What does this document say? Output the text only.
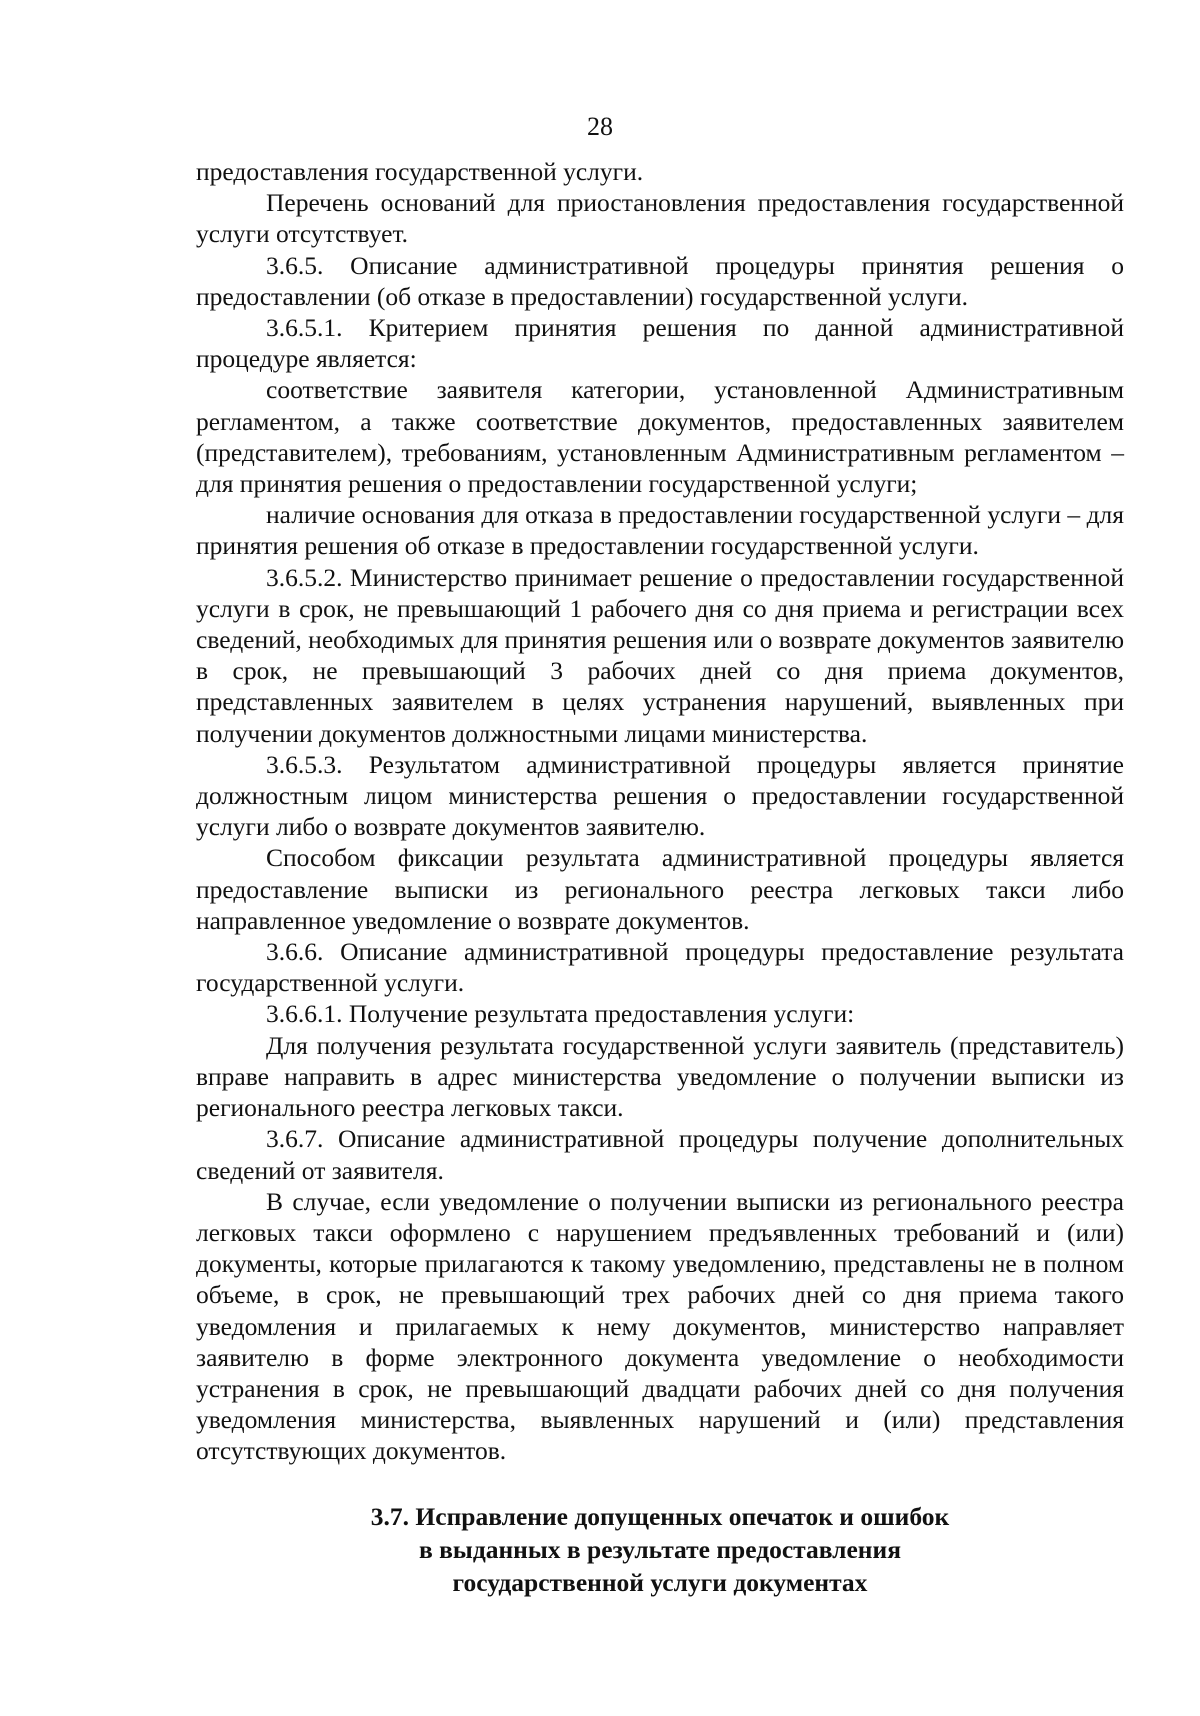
28

предоставления государственной услуги.

Перечень оснований для приостановления предоставления государственной услуги отсутствует.

3.6.5. Описание административной процедуры принятия решения о предоставлении (об отказе в предоставлении) государственной услуги.

3.6.5.1. Критерием принятия решения по данной административной процедуре является:

соответствие заявителя категории, установленной Административным регламентом, а также соответствие документов, предоставленных заявителем (представителем), требованиям, установленным Административным регламентом – для принятия решения о предоставлении государственной услуги;

наличие основания для отказа в предоставлении государственной услуги – для принятия решения об отказе в предоставлении государственной услуги.

3.6.5.2. Министерство принимает решение о предоставлении государственной услуги в срок, не превышающий 1 рабочего дня со дня приема и регистрации всех сведений, необходимых для принятия решения или о возврате документов заявителю в срок, не превышающий 3 рабочих дней со дня приема документов, представленных заявителем в целях устранения нарушений, выявленных при получении документов должностными лицами министерства.

3.6.5.3. Результатом административной процедуры является принятие должностным лицом министерства решения о предоставлении государственной услуги либо о возврате документов заявителю.

Способом фиксации результата административной процедуры является предоставление выписки из регионального реестра легковых такси либо направленное уведомление о возврате документов.

3.6.6. Описание административной процедуры предоставление результата государственной услуги.

3.6.6.1. Получение результата предоставления услуги:

Для получения результата государственной услуги заявитель (представитель) вправе направить в адрес министерства уведомление о получении выписки из регионального реестра легковых такси.

3.6.7. Описание административной процедуры получение дополнительных сведений от заявителя.

В случае, если уведомление о получении выписки из регионального реестра легковых такси оформлено с нарушением предъявленных требований и (или) документы, которые прилагаются к такому уведомлению, представлены не в полном объеме, в срок, не превышающий трех рабочих дней со дня приема такого уведомления и прилагаемых к нему документов, министерство направляет заявителю в форме электронного документа уведомление о необходимости устранения в срок, не превышающий двадцати рабочих дней со дня получения уведомления министерства, выявленных нарушений и (или) представления отсутствующих документов.

3.7. Исправление допущенных опечаток и ошибок
в выданных в результате предоставления
государственной услуги документах
